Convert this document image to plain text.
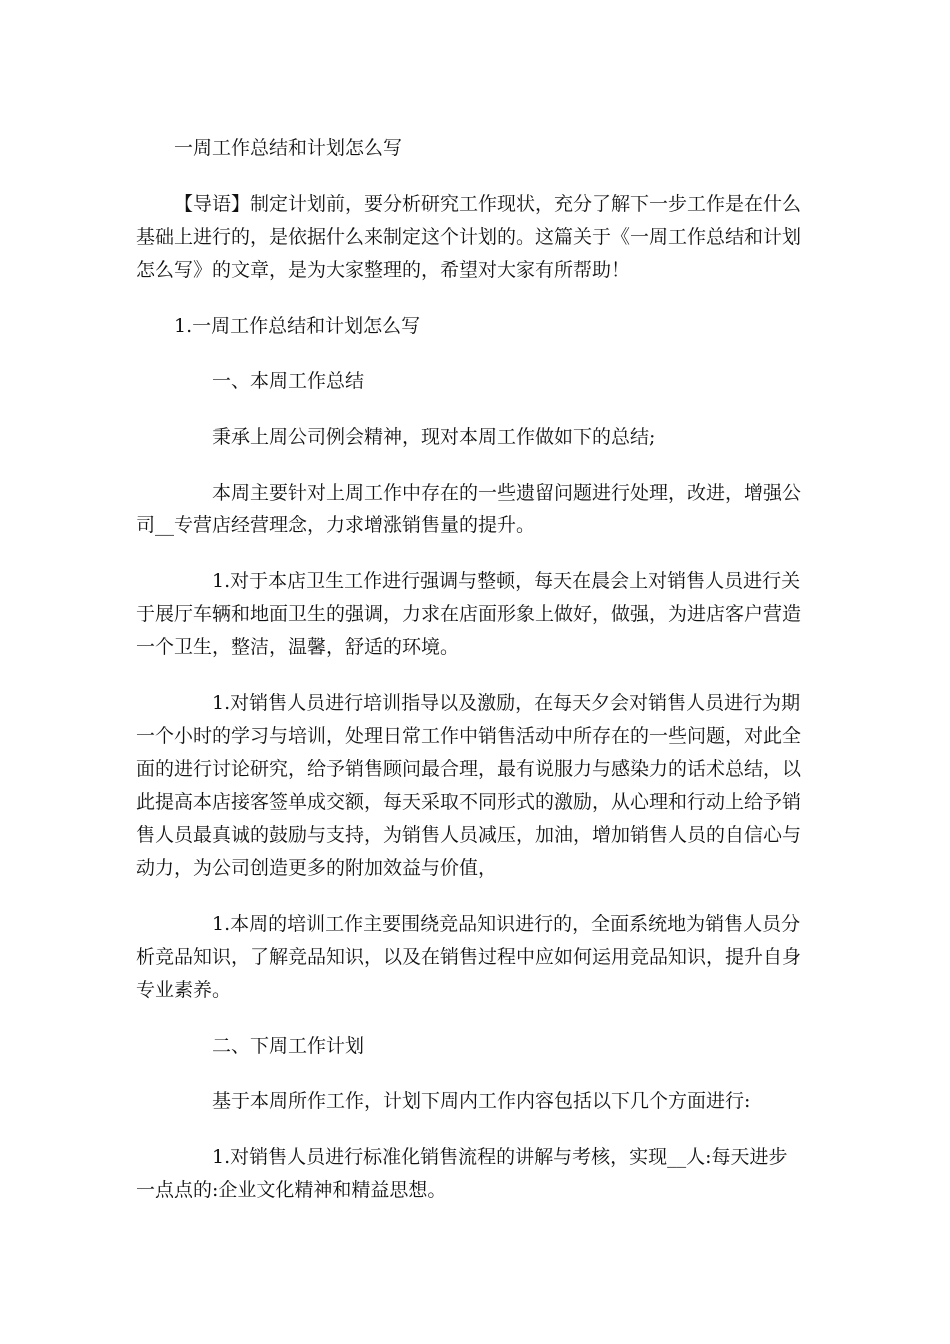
一周工作总结和计划怎么写

【导语】制定计划前，要分析研究工作现状，充分了解下一步工作是在什么

基础上进行的，是依据什么来制定这个计划的。这篇关于《一周工作总结和计划

怎么写》的文章，是为大家整理的，希望对大家有所帮助！

1.一周工作总结和计划怎么写

一、本周工作总结

秉承上周公司例会精神，现对本周工作做如下的总结;

本周主要针对上周工作中存在的一些遗留问题进行处理，改进，增强公

司__专营店经营理念，力求增涨销售量的提升。

1.对于本店卫生工作进行强调与整顿，每天在晨会上对销售人员进行关

于展厅车辆和地面卫生的强调，力求在店面形象上做好，做强，为进店客户营造

一个卫生，整洁，温馨，舒适的环境。

1.对销售人员进行培训指导以及激励，在每天夕会对销售人员进行为期

一个小时的学习与培训，处理日常工作中销售活动中所存在的一些问题，对此全

面的进行讨论研究，给予销售顾问最合理，最有说服力与感染力的话术总结，以

此提高本店接客签单成交额，每天采取不同形式的激励，从心理和行动上给予销

售人员最真诚的鼓励与支持，为销售人员减压，加油，增加销售人员的自信心与

动力，为公司创造更多的附加效益与价值，

1.本周的培训工作主要围绕竞品知识进行的，全面系统地为销售人员分

析竞品知识，了解竞品知识，以及在销售过程中应如何运用竞品知识，提升自身

专业素养。

二、下周工作计划

基于本周所作工作，计划下周内工作内容包括以下几个方面进行:

1.对销售人员进行标准化销售流程的讲解与考核，实现__人:每天进步

一点点的:企业文化精神和精益思想。
